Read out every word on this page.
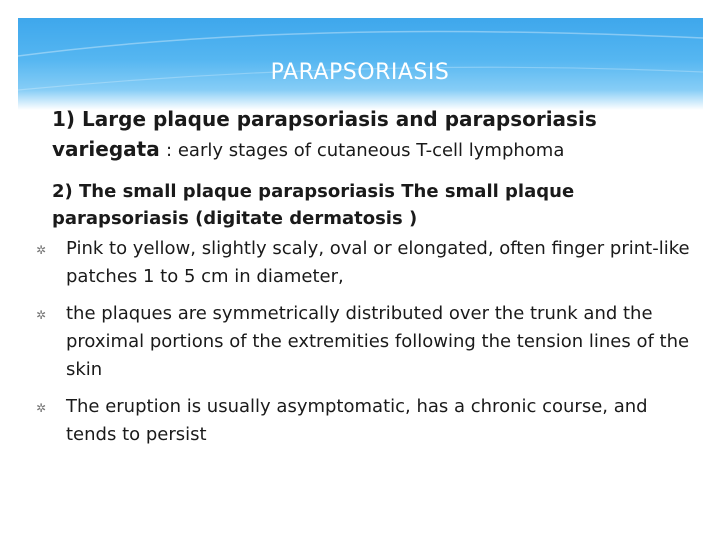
PARAPSORIASIS

1) Large plaque parapsoriasis and parapsoriasis variegata : early stages of cutaneous T-cell lymphoma

2) The small plaque parapsoriasis The small plaque parapsoriasis (digitate dermatosis )

✲ Pink to yellow, slightly scaly, oval or elongated, often finger print-like patches 1 to 5 cm in diameter,
✲ the plaques are symmetrically distributed over the trunk and the proximal portions of the extremities following the tension lines of the skin
✲ The eruption is usually asymptomatic, has a chronic course, and tends to persist
